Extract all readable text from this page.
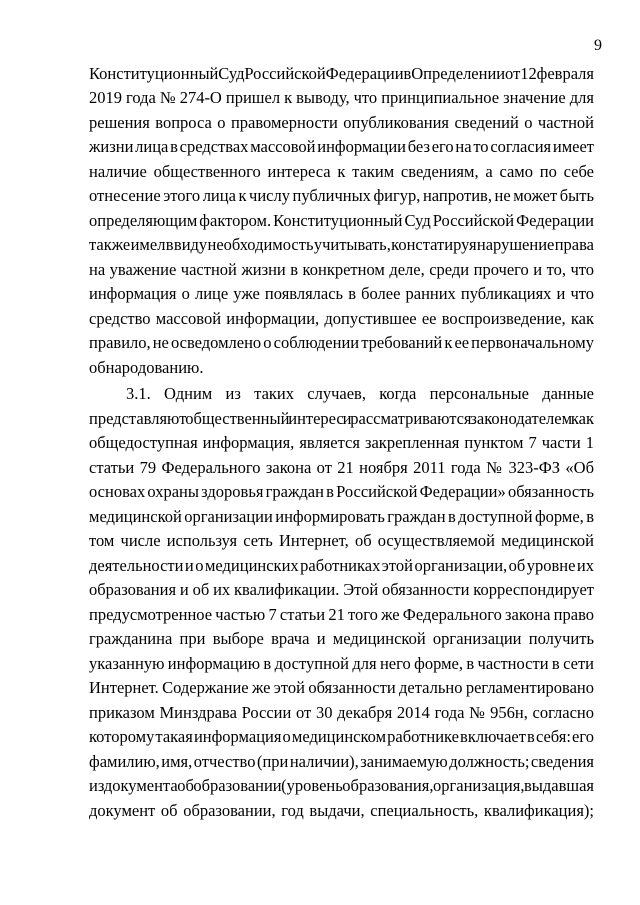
9
Конституционный Суд Российской Федерации в Определении от 12 февраля
2019 года № 274-О пришел к выводу, что принципиальное значение для
решения вопроса о правомерности опубликования сведений о частной
жизни лица в средствах массовой информации без его на то согласия имеет
наличие общественного интереса к таким сведениям, а само по себе
отнесение этого лица к числу публичных фигур, напротив, не может быть
определяющим фактором. Конституционный Суд Российской Федерации
также имел в виду необходимость учитывать, констатируя нарушение права
на уважение частной жизни в конкретном деле, среди прочего и то, что
информация о лице уже появлялась в более ранних публикациях и что
средство массовой информации, допустившее ее воспроизведение, как
правило, не осведомлено о соблюдении требований к ее первоначальному
обнародованию.
3.1. Одним из таких случаев, когда персональные данные
представляют общественный интерес и рассматриваются законодателем как
общедоступная информация, является закрепленная пунктом 7 части 1
статьи 79 Федерального закона от 21 ноября 2011 года № 323-ФЗ «Об
основах охраны здоровья граждан в Российской Федерации» обязанность
медицинской организации информировать граждан в доступной форме, в
том числе используя сеть Интернет, об осуществляемой медицинской
деятельности и о медицинских работниках этой организации, об уровне их
образования и об их квалификации. Этой обязанности корреспондирует
предусмотренное частью 7 статьи 21 того же Федерального закона право
гражданина при выборе врача и медицинской организации получить
указанную информацию в доступной для него форме, в частности в сети
Интернет. Содержание же этой обязанности детально регламентировано
приказом Минздрава России от 30 декабря 2014 года № 956н, согласно
которому такая информация о медицинском работнике включает в себя: его
фамилию, имя, отчество (при наличии), занимаемую должность; сведения
из документа об образовании (уровень образования, организация, выдавшая
документ об образовании, год выдачи, специальность, квалификация);
